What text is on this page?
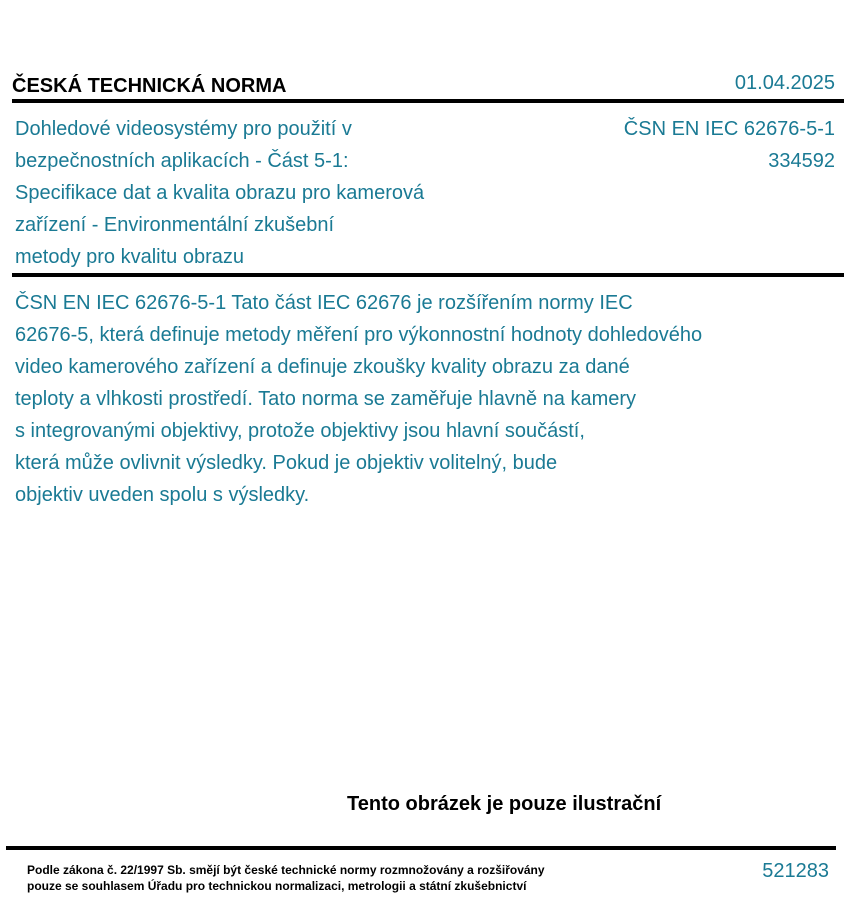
ČESKÁ TECHNICKÁ NORMA	01.04.2025
Dohledové videosystémy pro použití v
bezpečnostních aplikacích - Část 5-1:
Specifikace dat a kvalita obrazu pro kamerová
zařízení - Environmentální zkušební
metody pro kvalitu obrazu
ČSN EN IEC 62676-5-1
334592
ČSN EN IEC 62676-5-1 Tato část IEC 62676 je rozšířením normy IEC
62676-5, která definuje metody měření pro výkonnostní hodnoty dohledového
video kamerového zařízení a definuje zkoušky kvality obrazu za dané
teploty a vlhkosti prostředí. Tato norma se zaměřuje hlavně na kamery
s integrovanými objektivy, protože objektivy jsou hlavní součástí,
která může ovlivnit výsledky. Pokud je objektiv volitelný, bude
objektiv uveden spolu s výsledky.
Tento obrázek je pouze ilustrační
Podle zákona č. 22/1997 Sb. smějí být české technické normy rozmnožovány a rozšiřovány
pouze se souhlasem Úřadu pro technickou normalizaci, metrologii a státní zkušebnictví
521283
